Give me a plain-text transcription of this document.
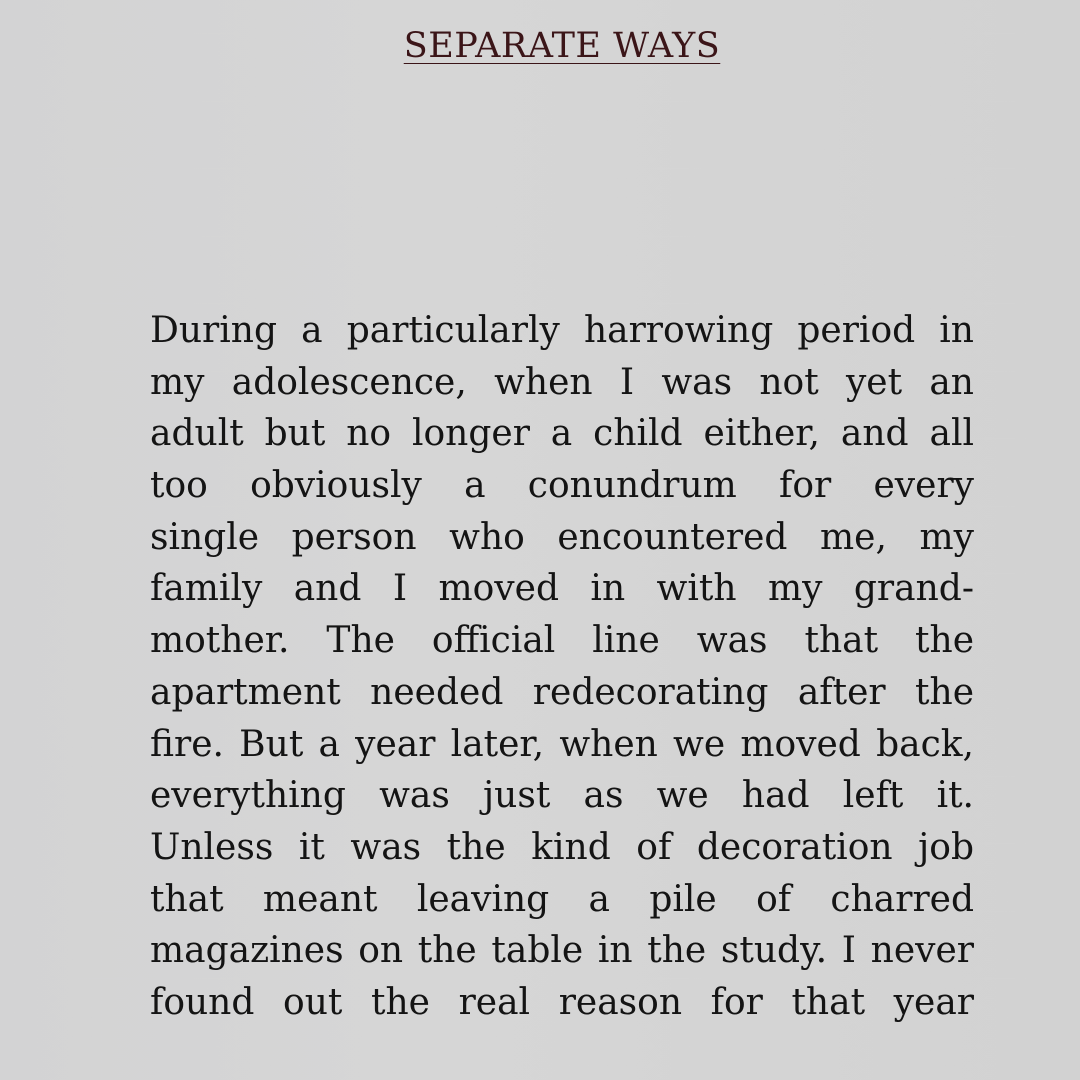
SEPARATE WAYS
During a particularly harrowing period in
my adolescence, when I was not yet an
adult but no longer a child either, and all
too obviously a conundrum for every
single person who encountered me, my
family and I moved in with my grand-
mother. The official line was that the
apartment needed redecorating after the
fire. But a year later, when we moved back,
everything was just as we had left it.
Unless it was the kind of decoration job
that meant leaving a pile of charred
magazines on the table in the study. I never
found out the real reason for that year
